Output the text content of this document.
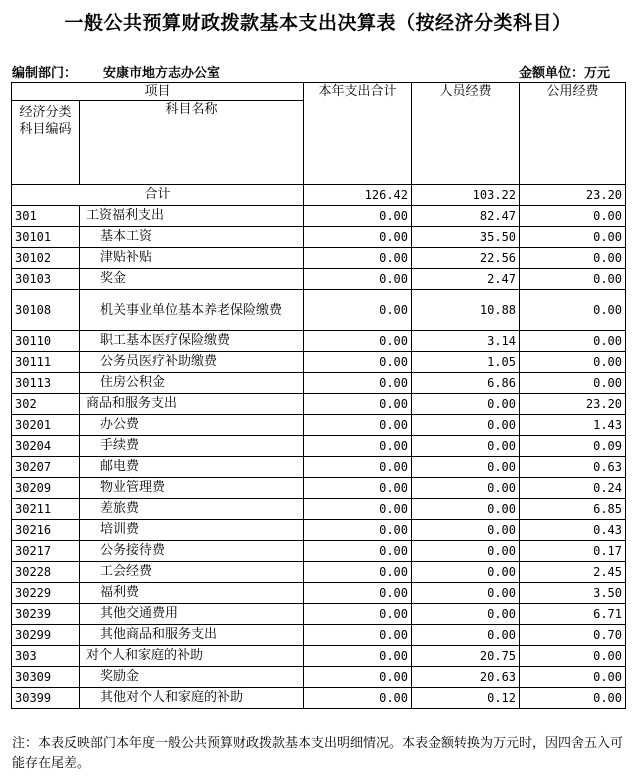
一般公共预算财政拨款基本支出决算表（按经济分类科目）
编制部门： 安康市地方志办公室	金额单位：万元
项目		本年支出合计	人员经费	公用经费
经济分类科目编码	科目名称			
合计		126.42	103.22	23.20
301	工资福利支出	0.00	82.47	0.00
30101	基本工资	0.00	35.50	0.00
30102	津贴补贴	0.00	22.56	0.00
30103	奖金	0.00	2.47	0.00
30108	机关事业单位基本养老保险缴费	0.00	10.88	0.00
30110	职工基本医疗保险缴费	0.00	3.14	0.00
30111	公务员医疗补助缴费	0.00	1.05	0.00
30113	住房公积金	0.00	6.86	0.00
302	商品和服务支出	0.00	0.00	23.20
30201	办公费	0.00	0.00	1.43
30204	手续费	0.00	0.00	0.09
30207	邮电费	0.00	0.00	0.63
30209	物业管理费	0.00	0.00	0.24
30211	差旅费	0.00	0.00	6.85
30216	培训费	0.00	0.00	0.43
30217	公务接待费	0.00	0.00	0.17
30228	工会经费	0.00	0.00	2.45
30229	福利费	0.00	0.00	3.50
30239	其他交通费用	0.00	0.00	6.71
30299	其他商品和服务支出	0.00	0.00	0.70
303	对个人和家庭的补助	0.00	20.75	0.00
30309	奖励金	0.00	20.63	0.00
30399	其他对个人和家庭的补助	0.00	0.12	0.00
注：本表反映部门本年度一般公共预算财政拨款基本支出明细情况。本表金额转换为万元时，因四舍五入可能存在尾差。
